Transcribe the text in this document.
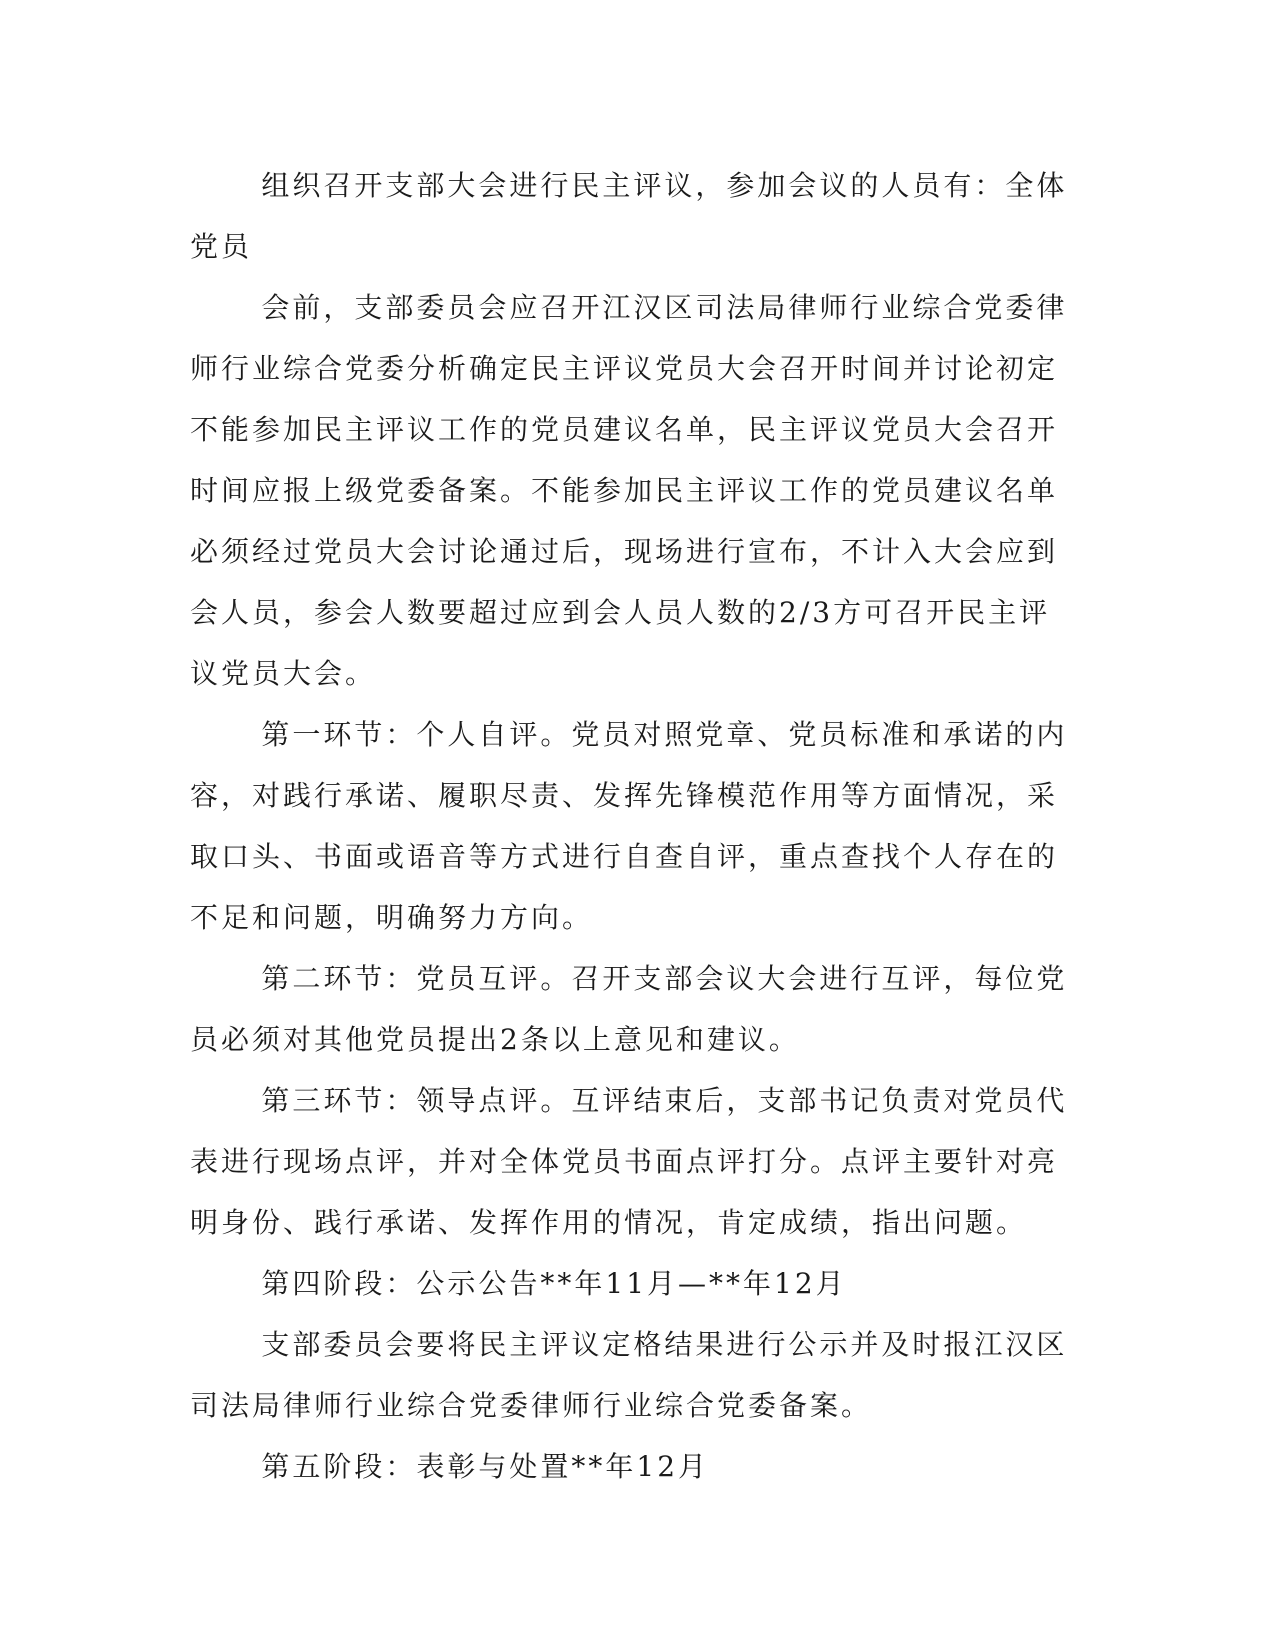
组织召开支部大会进行民主评议，参加会议的人员有：全体党员

会前，支部委员会应召开江汉区司法局律师行业综合党委律师行业综合党委分析确定民主评议党员大会召开时间并讨论初定不能参加民主评议工作的党员建议名单，民主评议党员大会召开时间应报上级党委备案。不能参加民主评议工作的党员建议名单必须经过党员大会讨论通过后，现场进行宣布，不计入大会应到会人员，参会人数要超过应到会人员人数的2/3方可召开民主评议党员大会。

第一环节：个人自评。党员对照党章、党员标准和承诺的内容，对践行承诺、履职尽责、发挥先锋模范作用等方面情况，采取口头、书面或语音等方式进行自查自评，重点查找个人存在的不足和问题，明确努力方向。

第二环节：党员互评。召开支部会议大会进行互评，每位党员必须对其他党员提出2条以上意见和建议。

第三环节：领导点评。互评结束后，支部书记负责对党员代表进行现场点评，并对全体党员书面点评打分。点评主要针对亮明身份、践行承诺、发挥作用的情况，肯定成绩，指出问题。

第四阶段：公示公告**年11月—**年12月

支部委员会要将民主评议定格结果进行公示并及时报江汉区司法局律师行业综合党委律师行业综合党委备案。

第五阶段：表彰与处置**年12月
